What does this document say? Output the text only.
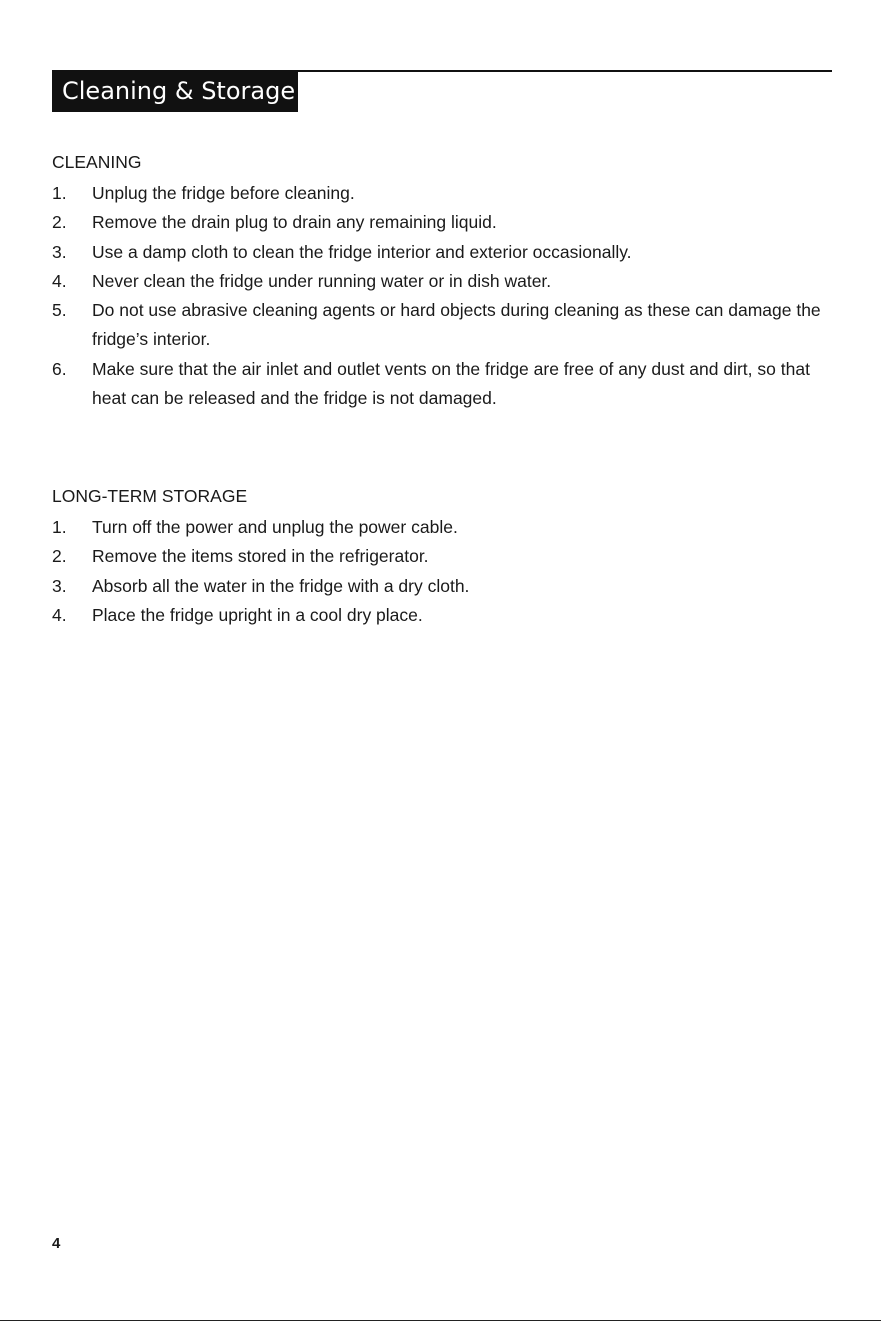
Cleaning & Storage
CLEANING
1.	Unplug the fridge before cleaning.
2.	Remove the drain plug to drain any remaining liquid.
3.	Use a damp cloth to clean the fridge interior and exterior occasionally.
4.	Never clean the fridge under running water or in dish water.
5.	Do not use abrasive cleaning agents or hard objects during cleaning as these can damage the fridge’s interior.
6.	Make sure that the air inlet and outlet vents on the fridge are free of any dust and dirt, so that heat can be released and the fridge is not damaged.
LONG-TERM STORAGE
1.	Turn off the power and unplug the power cable.
2.	Remove the items stored in the refrigerator.
3.	Absorb all the water in the fridge with a dry cloth.
4.	Place the fridge upright in a cool dry place.
4
